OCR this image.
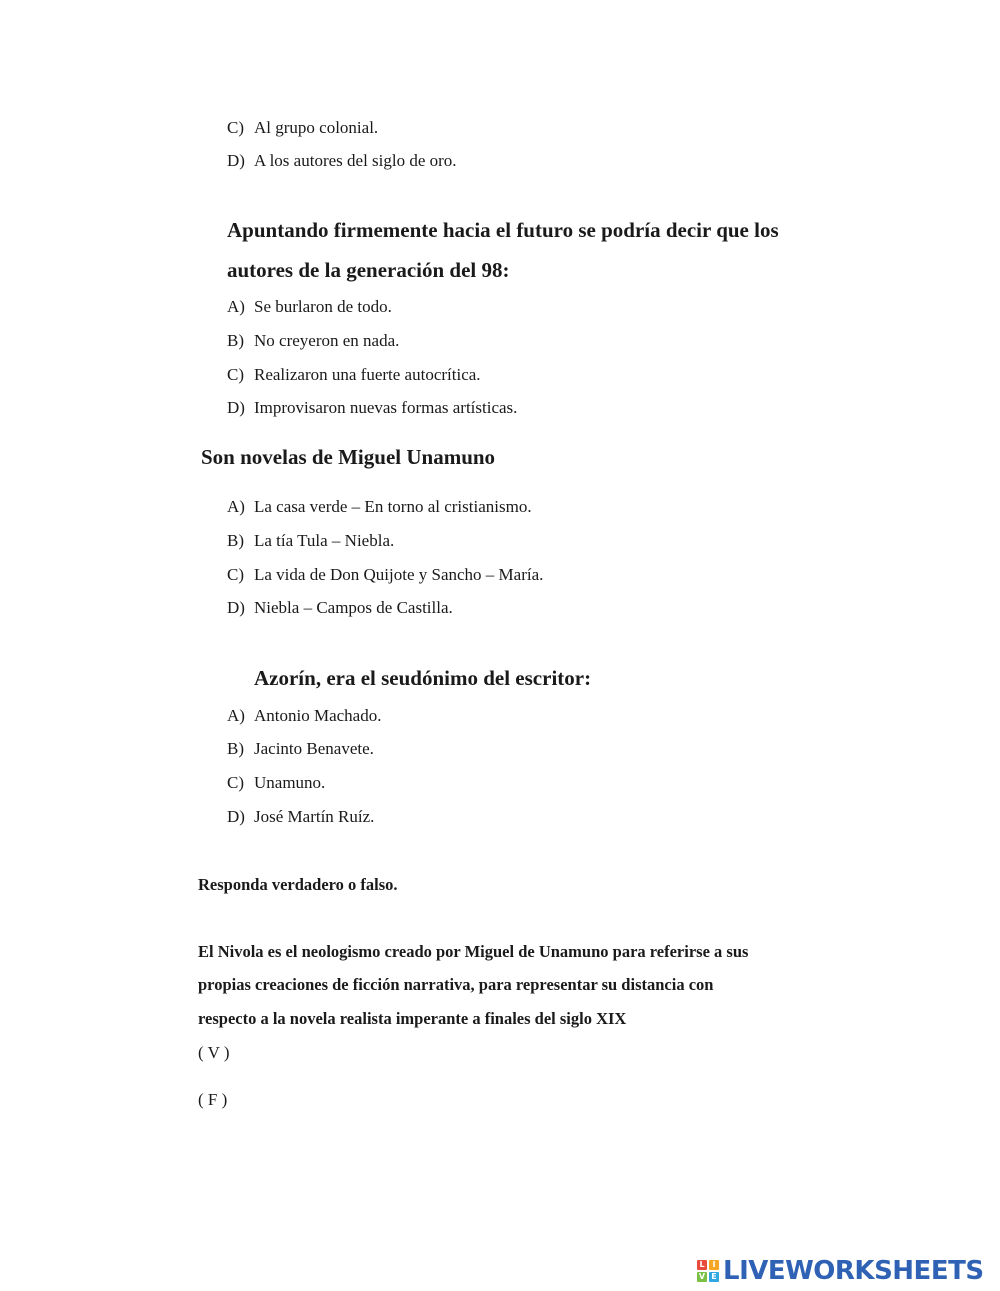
C) Al grupo colonial.
D) A los autores del siglo de oro.
Apuntando firmemente hacia el futuro se podría decir que los
autores de la generación del 98:
A) Se burlaron de todo.
B) No creyeron en nada.
C) Realizaron una fuerte autocrítica.
D) Improvisaron nuevas formas artísticas.
Son novelas de Miguel Unamuno
A) La casa verde – En torno al cristianismo.
B) La tía Tula – Niebla.
C) La vida de Don Quijote y Sancho – María.
D) Niebla – Campos de Castilla.
Azorín, era el seudónimo del escritor:
A) Antonio Machado.
B) Jacinto Benavete.
C) Unamuno.
D) José Martín Ruíz.
Responda verdadero o falso.
El Nivola es el neologismo creado por Miguel de Unamuno para referirse a sus
propias creaciones de ficción narrativa, para representar su distancia con
respecto a la novela realista imperante a finales del siglo XIX
( V )
( F )
L I
V E LIVEWORKSHEETS
